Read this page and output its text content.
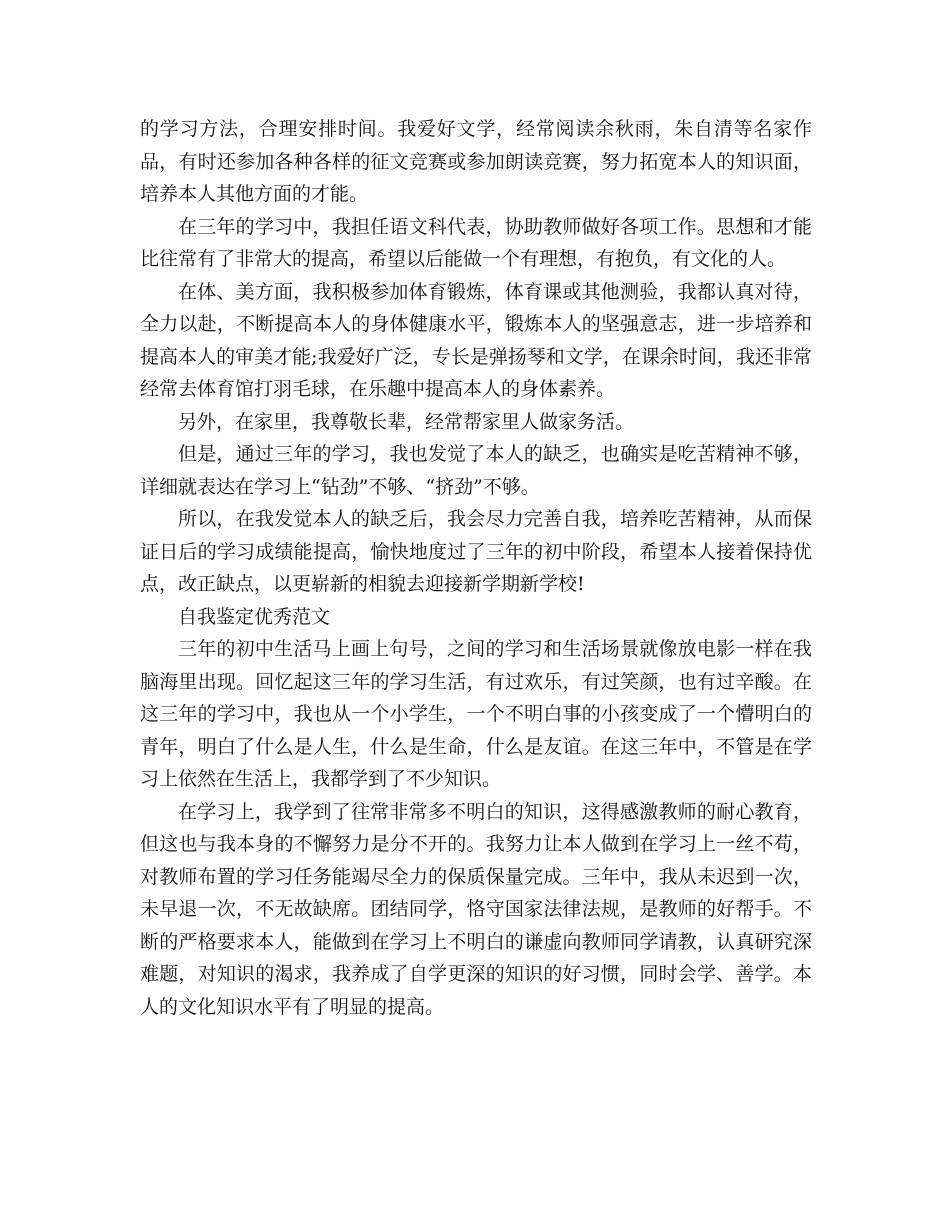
的学习方法，合理安排时间。我爱好文学，经常阅读余秋雨，朱自清等名家作品，有时还参加各种各样的征文竞赛或参加朗读竞赛，努力拓宽本人的知识面，培养本人其他方面的才能。

在三年的学习中，我担任语文科代表，协助教师做好各项工作。思想和才能比往常有了非常大的提高，希望以后能做一个有理想，有抱负，有文化的人。

在体、美方面，我积极参加体育锻炼，体育课或其他测验，我都认真对待，全力以赴，不断提高本人的身体健康水平，锻炼本人的坚强意志，进一步培养和提高本人的审美才能;我爱好广泛，专长是弹扬琴和文学，在课余时间，我还非常经常去体育馆打羽毛球，在乐趣中提高本人的身体素养。

另外，在家里，我尊敬长辈，经常帮家里人做家务活。

但是，通过三年的学习，我也发觉了本人的缺乏，也确实是吃苦精神不够，详细就表达在学习上“钻劲”不够、“挤劲”不够。

所以，在我发觉本人的缺乏后，我会尽力完善自我，培养吃苦精神，从而保证日后的学习成绩能提高，愉快地度过了三年的初中阶段，希望本人接着保持优点，改正缺点，以更崭新的相貌去迎接新学期新学校!

自我鉴定优秀范文

三年的初中生活马上画上句号，之间的学习和生活场景就像放电影一样在我脑海里出现。回忆起这三年的学习生活，有过欢乐，有过笑颜，也有过辛酸。在这三年的学习中，我也从一个小学生，一个不明白事的小孩变成了一个懵明白的青年，明白了什么是人生，什么是生命，什么是友谊。在这三年中，不管是在学习上依然在生活上，我都学到了不少知识。

在学习上，我学到了往常非常多不明白的知识，这得感激教师的耐心教育，但这也与我本身的不懈努力是分不开的。我努力让本人做到在学习上一丝不苟，对教师布置的学习任务能竭尽全力的保质保量完成。三年中，我从未迟到一次，未早退一次，不无故缺席。团结同学，恪守国家法律法规，是教师的好帮手。不断的严格要求本人，能做到在学习上不明白的谦虚向教师同学请教，认真研究深难题，对知识的渴求，我养成了自学更深的知识的好习惯，同时会学、善学。本人的文化知识水平有了明显的提高。
